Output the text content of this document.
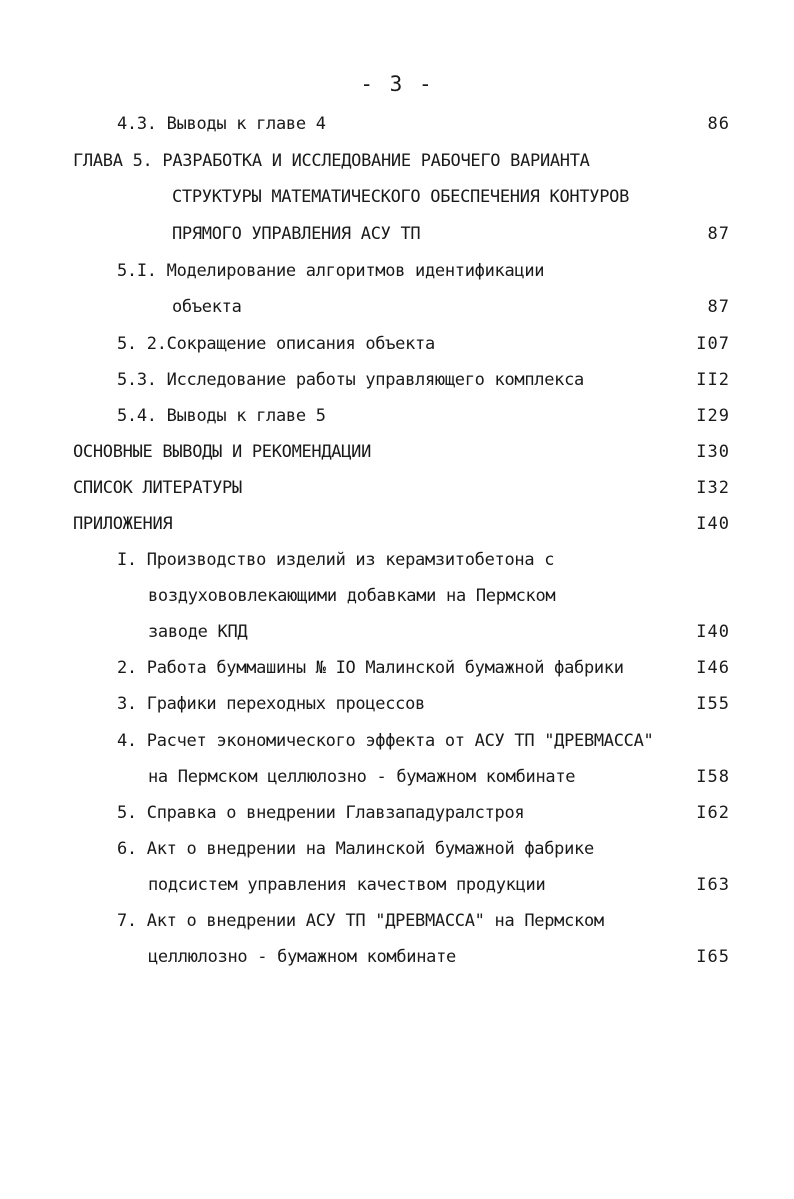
- 3 -
4.3. Выводы к главе 4	86
ГЛАВА 5. РАЗРАБОТКА И ИССЛЕДОВАНИЕ РАБОЧЕГО ВАРИАНТА
СТРУКТУРЫ МАТЕМАТИЧЕСКОГО ОБЕСПЕЧЕНИЯ КОНТУРОВ
ПРЯМОГО УПРАВЛЕНИЯ АСУ ТП	87
5.I. Моделирование алгоритмов идентификации
объекта	87
5. 2.Сокращение описания объекта	I07
5.3. Исследование работы управляющего комплекса	II2
5.4. Выводы к главе 5	I29
ОСНОВНЫЕ ВЫВОДЫ И РЕКОМЕНДАЦИИ	I30
СПИСОК ЛИТЕРАТУРЫ	I32
ПРИЛОЖЕНИЯ	I40
I. Производство изделий из керамзитобетона с
воздухововлекающими добавками на Пермском
заводе КПД	I40
2. Работа буммашины № IO Малинской бумажной фабрики	I46
3. Графики переходных процессов	I55
4. Расчет экономического эффекта от АСУ ТП "ДРЕВМАССА"
на Пермском целлюлозно - бумажном комбинате	I58
5. Справка о внедрении Главзападуралстроя	I62
6. Акт о внедрении на Малинской бумажной фабрике
подсистем управления качеством продукции	I63
7. Акт о внедрении АСУ ТП "ДРЕВМАССА" на Пермском
целлюлозно - бумажном комбинате	I65
